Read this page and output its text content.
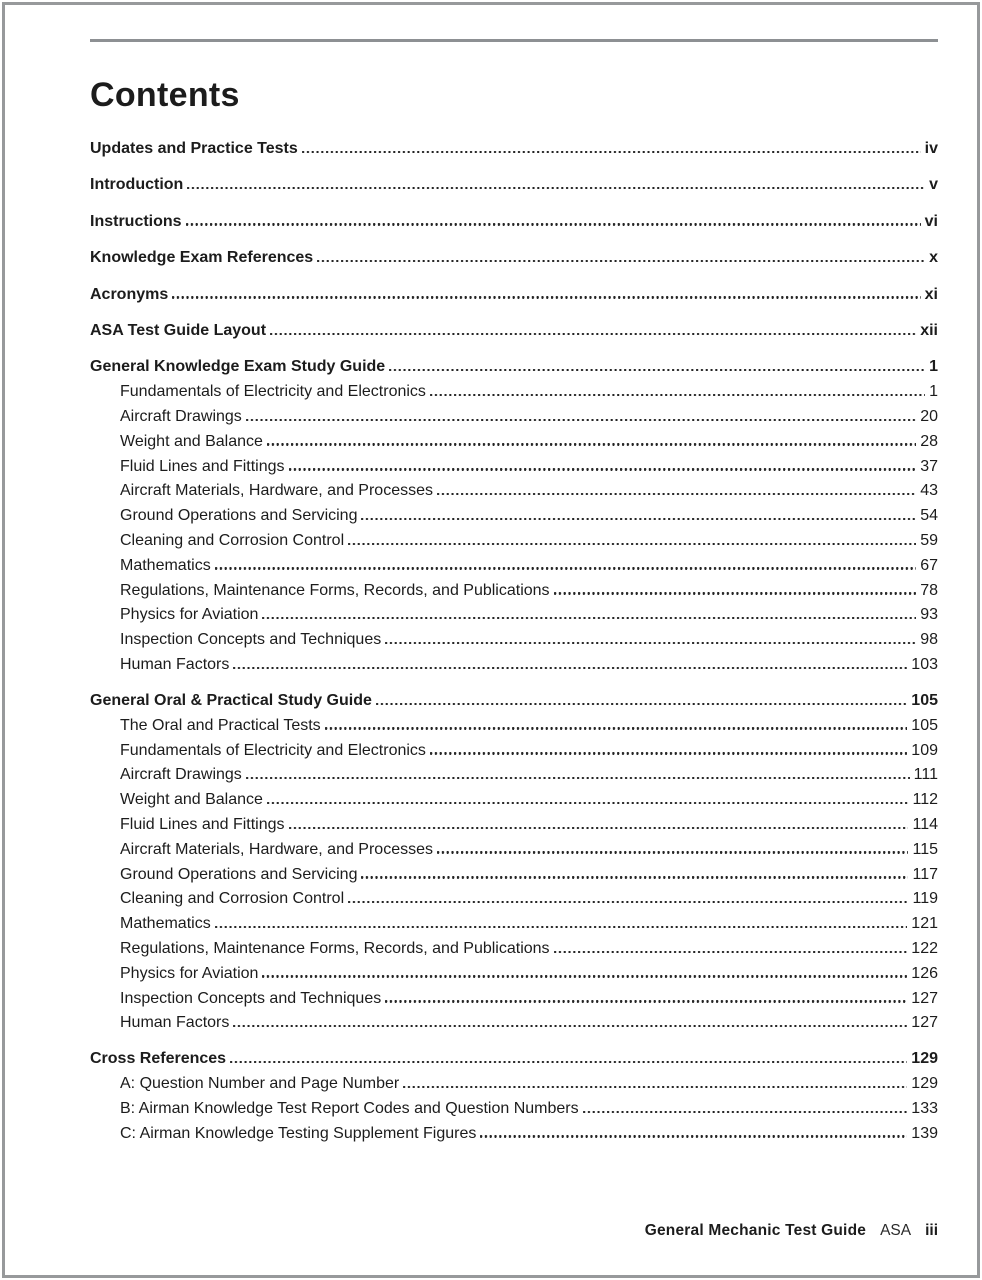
Contents
Updates and Practice Tests	iv
Introduction	v
Instructions	vi
Knowledge Exam References	x
Acronyms	xi
ASA Test Guide Layout	xii
General Knowledge Exam Study Guide	1
Fundamentals of Electricity and Electronics	1
Aircraft Drawings	20
Weight and Balance	28
Fluid Lines and Fittings	37
Aircraft Materials, Hardware, and Processes	43
Ground Operations and Servicing	54
Cleaning and Corrosion Control	59
Mathematics	67
Regulations, Maintenance Forms, Records, and Publications	78
Physics for Aviation	93
Inspection Concepts and Techniques	98
Human Factors	103
General Oral & Practical Study Guide	105
The Oral and Practical Tests	105
Fundamentals of Electricity and Electronics	109
Aircraft Drawings	111
Weight and Balance	112
Fluid Lines and Fittings	114
Aircraft Materials, Hardware, and Processes	115
Ground Operations and Servicing	117
Cleaning and Corrosion Control	119
Mathematics	121
Regulations, Maintenance Forms, Records, and Publications	122
Physics for Aviation	126
Inspection Concepts and Techniques	127
Human Factors	127
Cross References	129
A: Question Number and Page Number	129
B: Airman Knowledge Test Report Codes and Question Numbers	133
C: Airman Knowledge Testing Supplement Figures	139
General Mechanic Test Guide ASA iii
